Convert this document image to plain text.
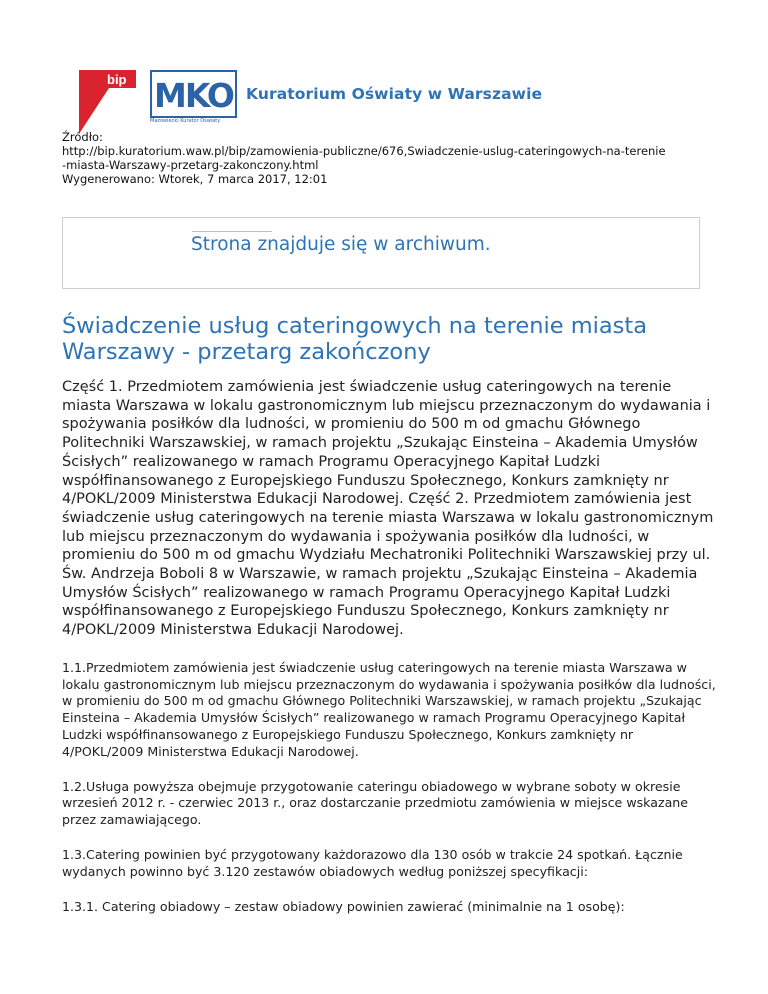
bip MKO
Mazowiecki Kurator Oświaty
Kuratorium Oświaty w Warszawie
Źródło:
http://bip.kuratorium.waw.pl/bip/zamowienia-publiczne/676,Swiadczenie-uslug-cateringowych-na-terenie
-miasta-Warszawy-przetarg-zakonczony.html
Wygenerowano: Wtorek, 7 marca 2017, 12:01
Strona znajduje się w archiwum.
Świadczenie usług cateringowych na terenie miasta Warszawy - przetarg zakończony

Część 1. Przedmiotem zamówienia jest świadczenie usług cateringowych na terenie miasta Warszawa w lokalu gastronomicznym lub miejscu przeznaczonym do wydawania i spożywania posiłków dla ludności, w promieniu do 500 m od gmachu Głównego Politechniki Warszawskiej, w ramach projektu „Szukając Einsteina – Akademia Umysłów Ścisłych” realizowanego w ramach Programu Operacyjnego Kapitał Ludzki współfinansowanego z Europejskiego Funduszu Społecznego, Konkurs zamknięty nr 4/POKL/2009 Ministerstwa Edukacji Narodowej. Część 2. Przedmiotem zamówienia jest świadczenie usług cateringowych na terenie miasta Warszawa w lokalu gastronomicznym lub miejscu przeznaczonym do wydawania i spożywania posiłków dla ludności, w promieniu do 500 m od gmachu Wydziału Mechatroniki Politechniki Warszawskiej przy ul. Św. Andrzeja Boboli 8 w Warszawie, w ramach projektu „Szukając Einsteina – Akademia Umysłów Ścisłych” realizowanego w ramach Programu Operacyjnego Kapitał Ludzki współfinansowanego z Europejskiego Funduszu Społecznego, Konkurs zamknięty nr 4/POKL/2009 Ministerstwa Edukacji Narodowej.

1.1.Przedmiotem zamówienia jest świadczenie usług cateringowych na terenie miasta Warszawa w lokalu gastronomicznym lub miejscu przeznaczonym do wydawania i spożywania posiłków dla ludności, w promieniu do 500 m od gmachu Głównego Politechniki Warszawskiej, w ramach projektu „Szukając Einsteina – Akademia Umysłów Ścisłych” realizowanego w ramach Programu Operacyjnego Kapitał Ludzki współfinansowanego z Europejskiego Funduszu Społecznego, Konkurs zamknięty nr 4/POKL/2009 Ministerstwa Edukacji Narodowej.

1.2.Usługa powyższa obejmuje przygotowanie cateringu obiadowego w wybrane soboty w okresie wrzesień 2012 r. - czerwiec 2013 r., oraz dostarczanie przedmiotu zamówienia w miejsce wskazane przez zamawiającego.

1.3.Catering powinien być przygotowany każdorazowo dla 130 osób w trakcie 24 spotkań. Łącznie wydanych powinno być 3.120 zestawów obiadowych według poniższej specyfikacji:

1.3.1. Catering obiadowy – zestaw obiadowy powinien zawierać (minimalnie na 1 osobę):
